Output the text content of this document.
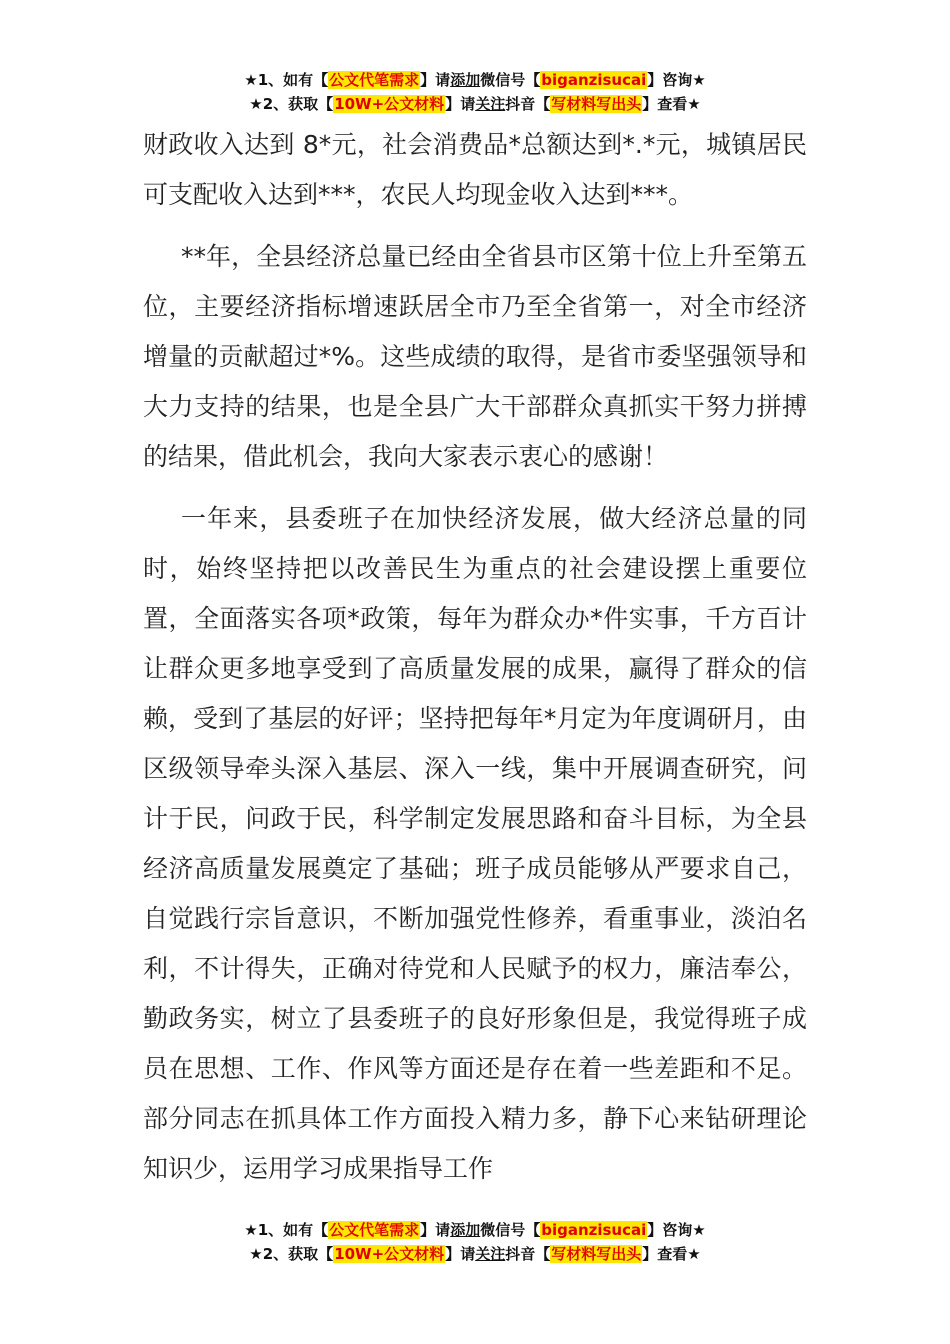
★1、如有【公文代笔需求】请添加微信号【biganzisucai】咨询★
★2、获取【10W+公文材料】请关注抖音【写材料写出头】查看★

财政收入达到 8*元，社会消费品*总额达到*.*元，城镇居民可支配收入达到***，农民人均现金收入达到***。

**年，全县经济总量已经由全省县市区第十位上升至第五位，主要经济指标增速跃居全市乃至全省第一，对全市经济增量的贡献超过*%。这些成绩的取得，是省市委坚强领导和大力支持的结果，也是全县广大干部群众真抓实干努力拼搏的结果，借此机会，我向大家表示衷心的感谢！

一年来，县委班子在加快经济发展，做大经济总量的同时，始终坚持把以改善民生为重点的社会建设摆上重要位置，全面落实各项*政策，每年为群众办*件实事，千方百计让群众更多地享受到了高质量发展的成果，赢得了群众的信赖，受到了基层的好评；坚持把每年*月定为年度调研月，由区级领导牵头深入基层、深入一线，集中开展调查研究，问计于民，问政于民，科学制定发展思路和奋斗目标，为全县经济高质量发展奠定了基础；班子成员能够从严要求自己，自觉践行宗旨意识，不断加强党性修养，看重事业，淡泊名利，不计得失，正确对待党和人民赋予的权力，廉洁奉公，勤政务实，树立了县委班子的良好形象但是，我觉得班子成员在思想、工作、作风等方面还是存在着一些差距和不足。部分同志在抓具体工作方面投入精力多，静下心来钻研理论知识少，运用学习成果指导工作

★1、如有【公文代笔需求】请添加微信号【biganzisucai】咨询★
★2、获取【10W+公文材料】请关注抖音【写材料写出头】查看★
